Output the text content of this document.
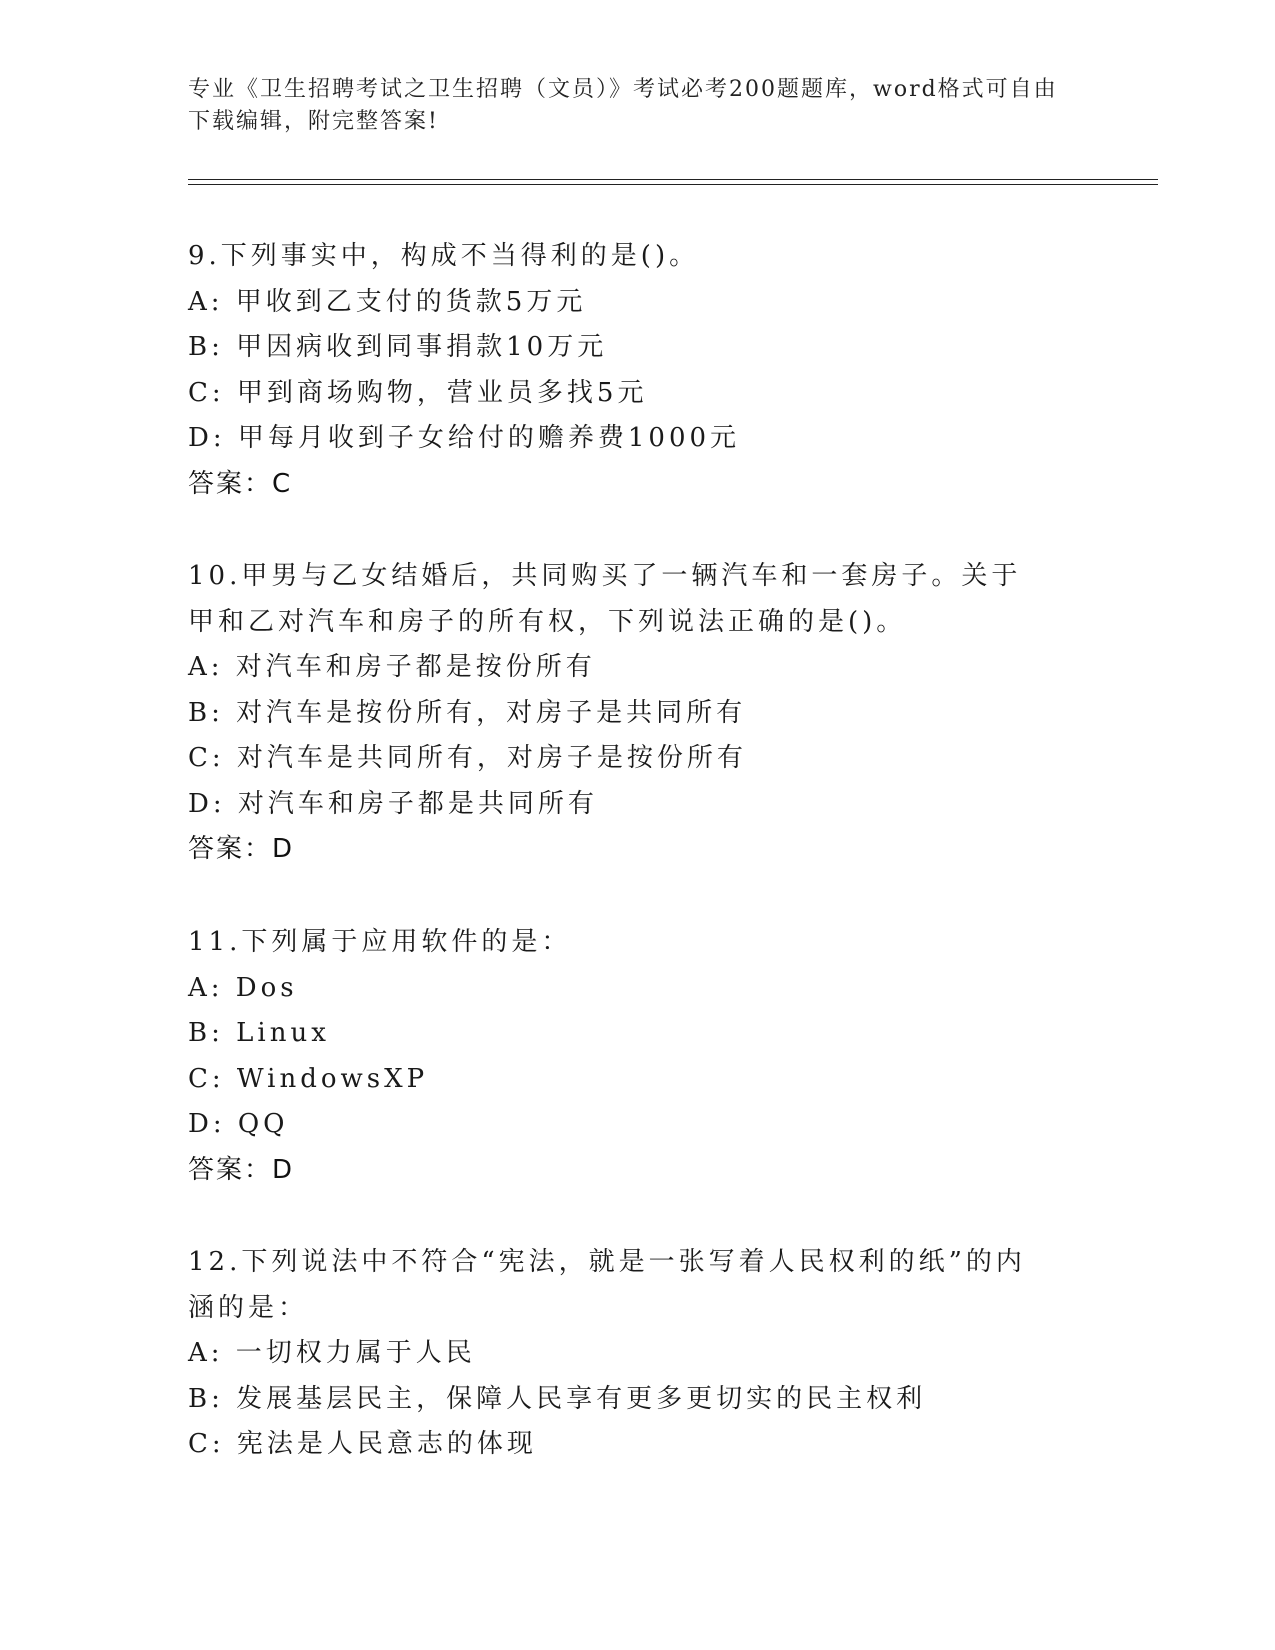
专业《卫生招聘考试之卫生招聘（文员）》考试必考200题题库，word格式可自由下载编辑，附完整答案!
9.下列事实中，构成不当得利的是()。
A: 甲收到乙支付的货款5万元
B: 甲因病收到同事捐款10万元
C: 甲到商场购物，营业员多找5元
D: 甲每月收到子女给付的赡养费1000元
答案：C
10.甲男与乙女结婚后，共同购买了一辆汽车和一套房子。关于甲和乙对汽车和房子的所有权，下列说法正确的是()。
A: 对汽车和房子都是按份所有
B: 对汽车是按份所有，对房子是共同所有
C: 对汽车是共同所有，对房子是按份所有
D: 对汽车和房子都是共同所有
答案：D
11.下列属于应用软件的是：
A: Dos
B: Linux
C: WindowsXP
D: QQ
答案：D
12.下列说法中不符合“宪法，就是一张写着人民权利的纸”的内涵的是：
A: 一切权力属于人民
B: 发展基层民主，保障人民享有更多更切实的民主权利
C: 宪法是人民意志的体现
